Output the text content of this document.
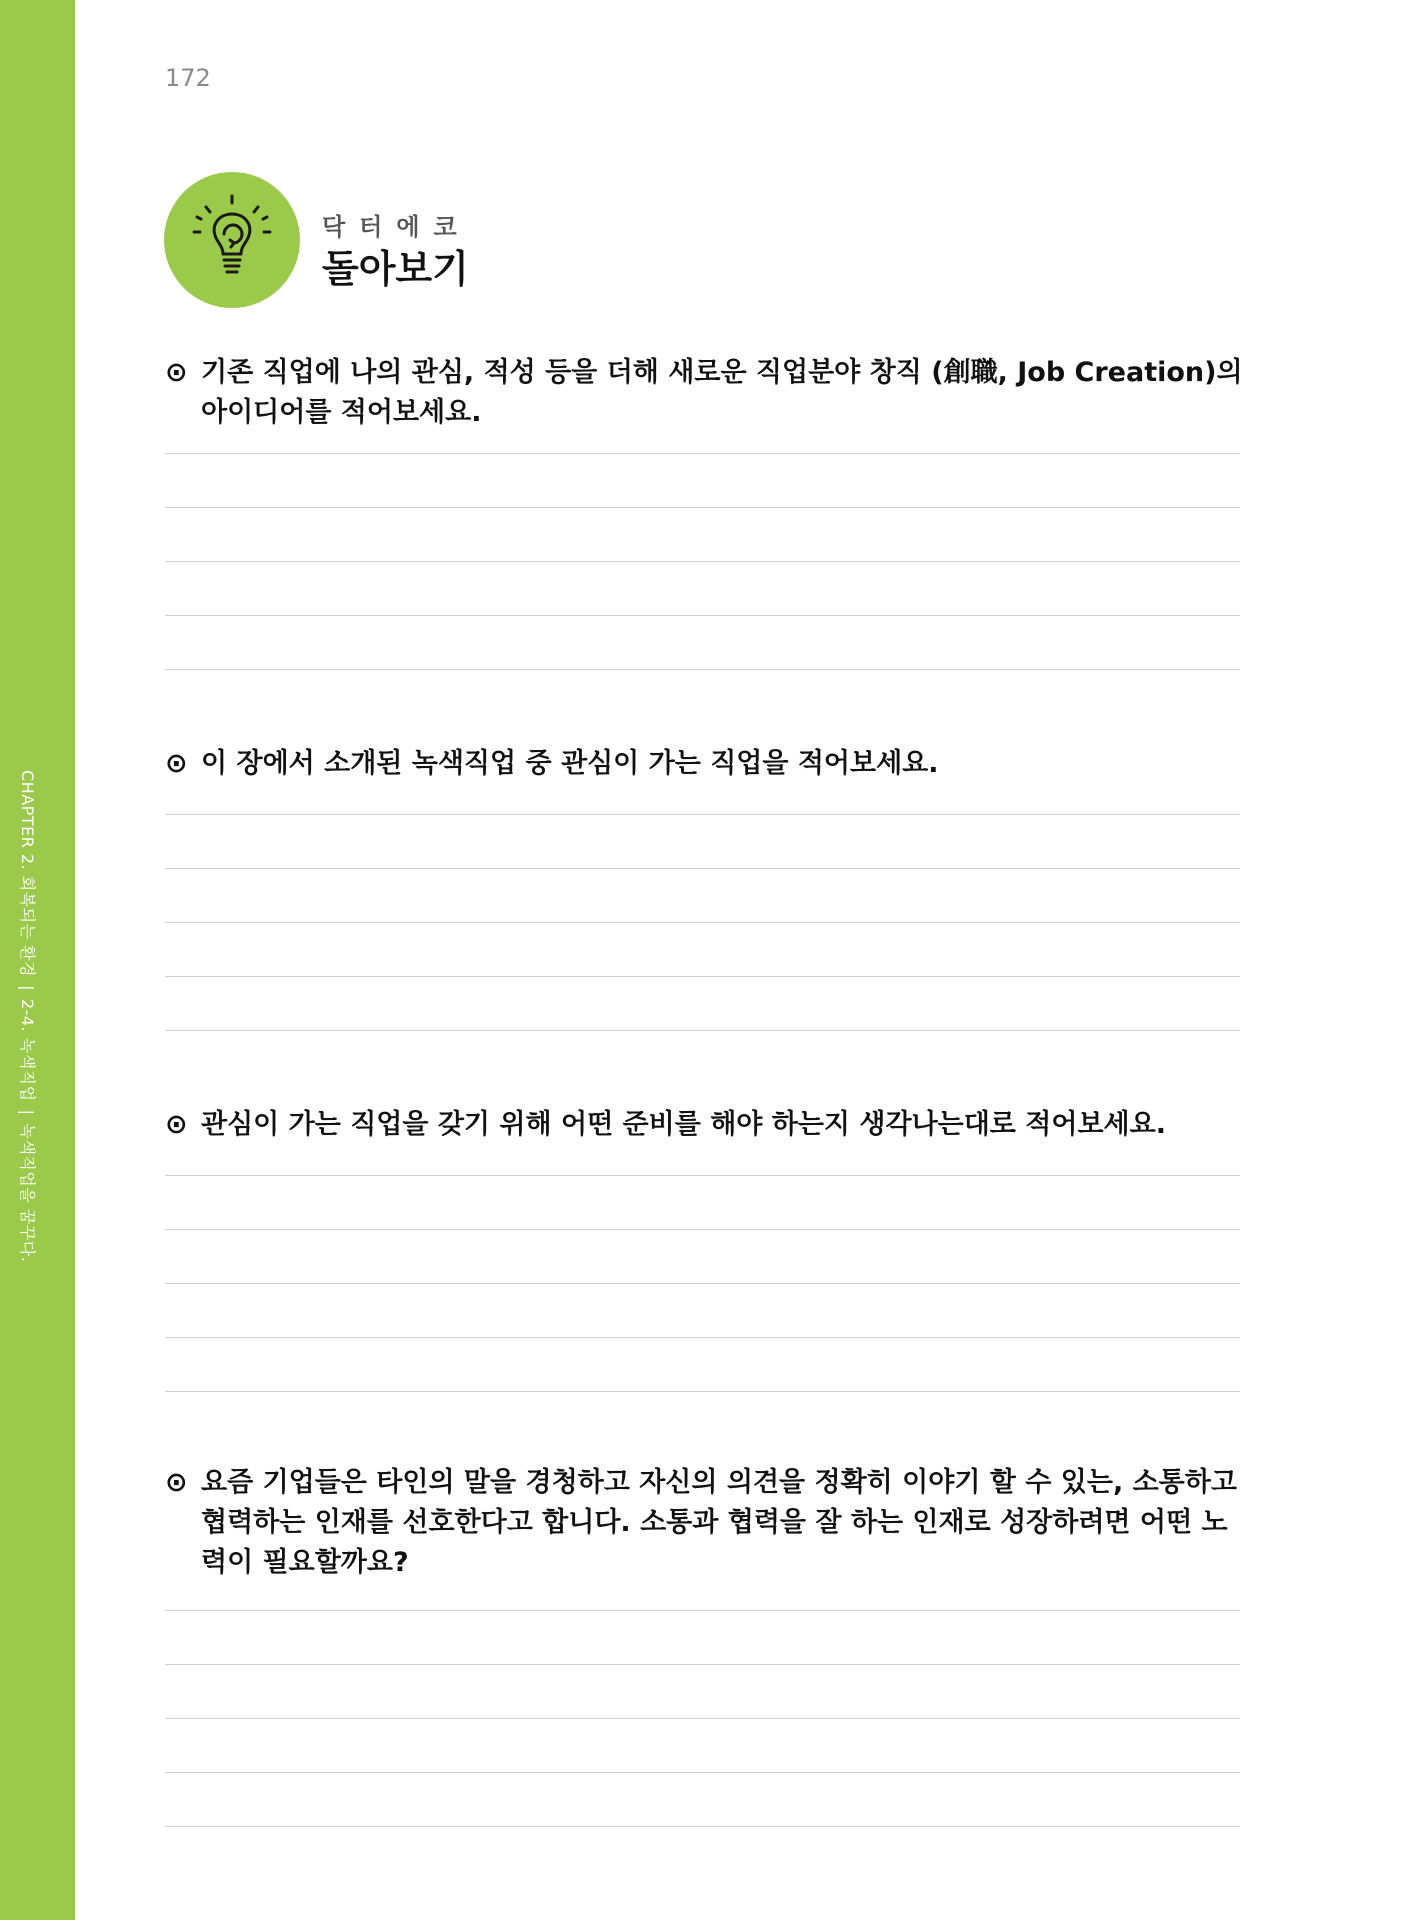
CHAPTER 2. 회복되는 환경|2-4. 녹색직업|녹색직업을 꿈꾸다.
172
닥터에코
돌아보기
⊙ 기존 직업에 나의 관심, 적성 등을 더해 새로운 직업분야 창직 (創職, Job Creation)의 아이디어를 적어보세요.
⊙ 이 장에서 소개된 녹색직업 중 관심이 가는 직업을 적어보세요.
⊙ 관심이 가는 직업을 갖기 위해 어떤 준비를 해야 하는지 생각나는대로 적어보세요.
⊙ 요즘 기업들은 타인의 말을 경청하고 자신의 의견을 정확히 이야기 할 수 있는, 소통하고 협력하는 인재를 선호한다고 합니다. 소통과 협력을 잘 하는 인재로 성장하려면 어떤 노력이 필요할까요?
